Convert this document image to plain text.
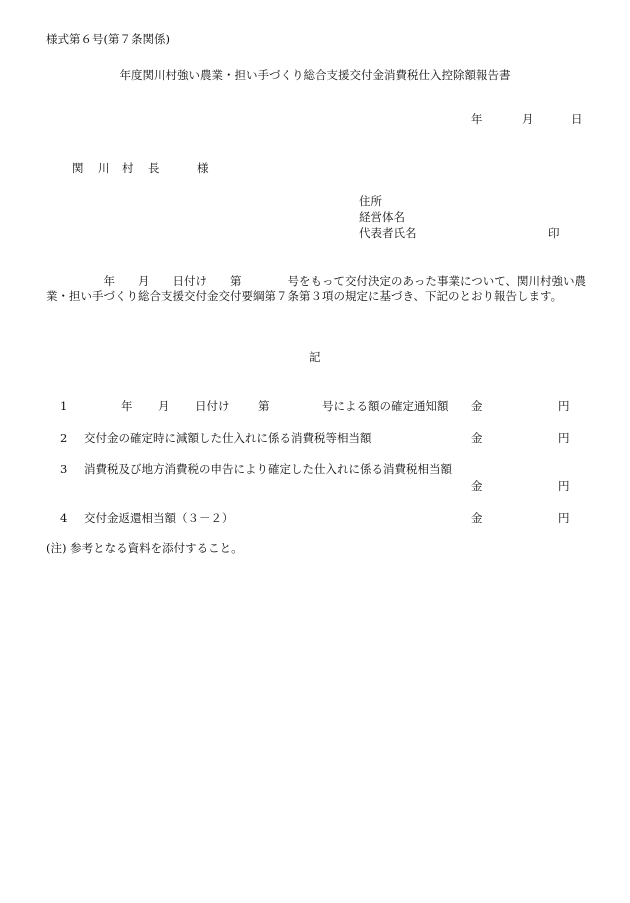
様式第６号(第７条関係)
年度関川村強い農業・担い手づくり総合支援交付金消費税仕入控除額報告書
年	月	日
関 川 村 長	様
住所
経営体名
代表者氏名	印
　　　　　年　　月　　日付け　　第　　　　号をもって交付決定のあった事業について、関川村強い農業・担い手づくり総合支援交付金交付要綱第７条第３項の規定に基づき、下記のとおり報告します。
記
1	年 月 日付け 第	号による額の確定通知額 金	円
2 交付金の確定時に減額した仕入れに係る消費税等相当額	金	円
3 消費税及び地方消費税の申告により確定した仕入れに係る消費税相当額
金	円
4 交付金返還相当額（３－２）	金	円
(注) 参考となる資料を添付すること。
